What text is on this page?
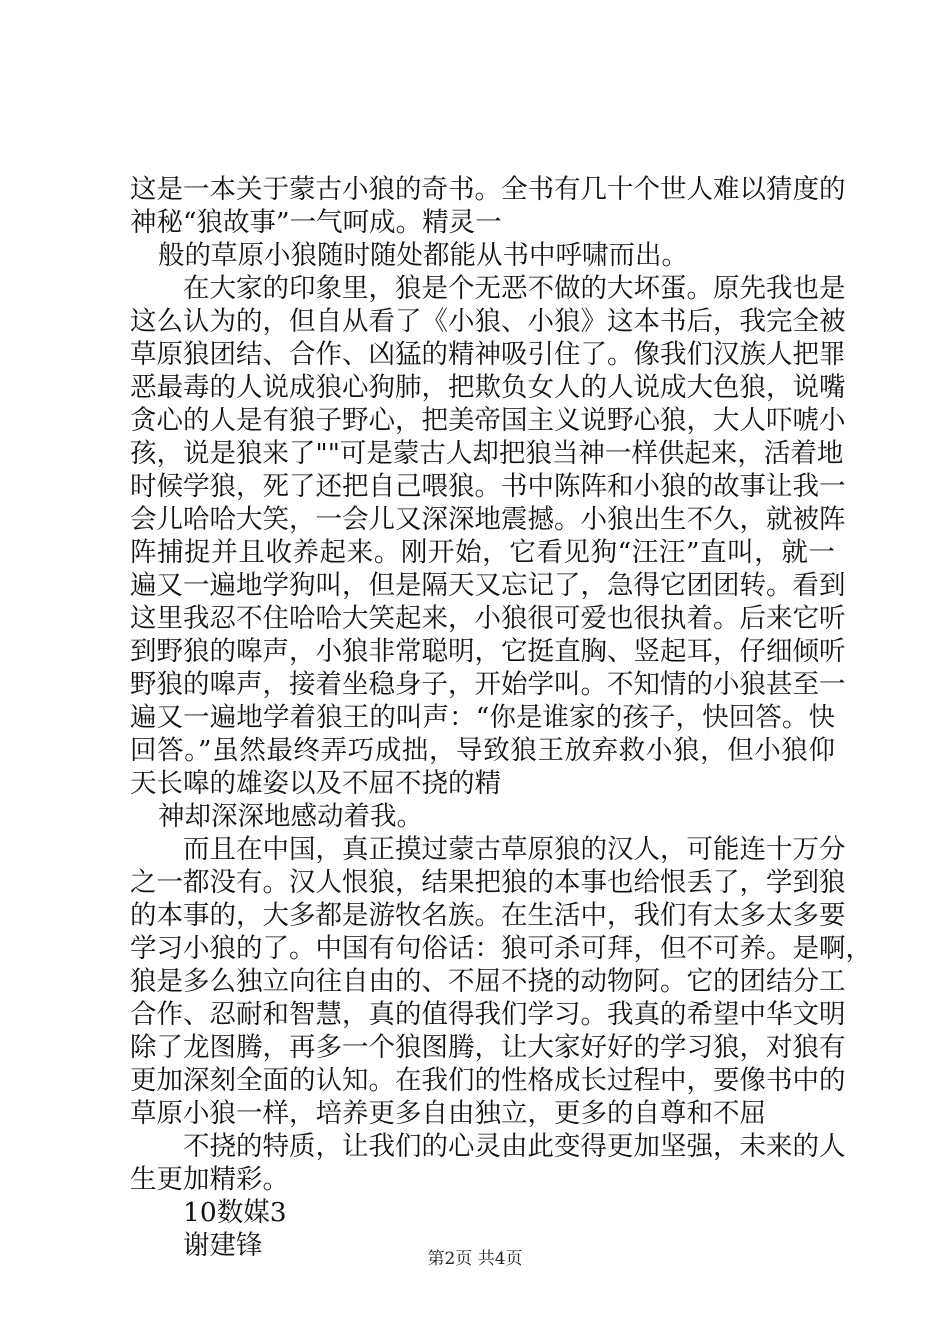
这是一本关于蒙古小狼的奇书。全书有几十个世人难以猜度的
神秘“狼故事”一气呵成。精灵一
般的草原小狼随时随处都能从书中呼啸而出。
在大家的印象里，狼是个无恶不做的大坏蛋。原先我也是
这么认为的，但自从看了《小狼、小狼》这本书后，我完全被
草原狼团结、合作、凶猛的精神吸引住了。像我们汉族人把罪
恶最毒的人说成狼心狗肺，把欺负女人的人说成大色狼，说嘴
贪心的人是有狼子野心，把美帝国主义说野心狼，大人吓唬小
孩，说是狼来了""可是蒙古人却把狼当神一样供起来，活着地
时候学狼，死了还把自己喂狼。书中陈阵和小狼的故事让我一
会儿哈哈大笑，一会儿又深深地震撼。小狼出生不久，就被阵
阵捕捉并且收养起来。刚开始，它看见狗“汪汪”直叫，就一
遍又一遍地学狗叫，但是隔天又忘记了，急得它团团转。看到
这里我忍不住哈哈大笑起来，小狼很可爱也很执着。后来它听
到野狼的嗥声，小狼非常聪明，它挺直胸、竖起耳，仔细倾听
野狼的嗥声，接着坐稳身子，开始学叫。不知情的小狼甚至一
遍又一遍地学着狼王的叫声：“你是谁家的孩子，快回答。快
回答。”虽然最终弄巧成拙，导致狼王放弃救小狼，但小狼仰
天长嗥的雄姿以及不屈不挠的精
神却深深地感动着我。
而且在中国，真正摸过蒙古草原狼的汉人，可能连十万分
之一都没有。汉人恨狼，结果把狼的本事也给恨丢了，学到狼
的本事的，大多都是游牧名族。在生活中，我们有太多太多要
学习小狼的了。中国有句俗话：狼可杀可拜，但不可养。是啊，
狼是多么独立向往自由的、不屈不挠的动物阿。它的团结分工
合作、忍耐和智慧，真的值得我们学习。我真的希望中华文明
除了龙图腾，再多一个狼图腾，让大家好好的学习狼，对狼有
更加深刻全面的认知。在我们的性格成长过程中，要像书中的
草原小狼一样，培养更多自由独立，更多的自尊和不屈
不挠的特质，让我们的心灵由此变得更加坚强，未来的人
生更加精彩。
10数媒3
谢建锋	第2页 共4页
